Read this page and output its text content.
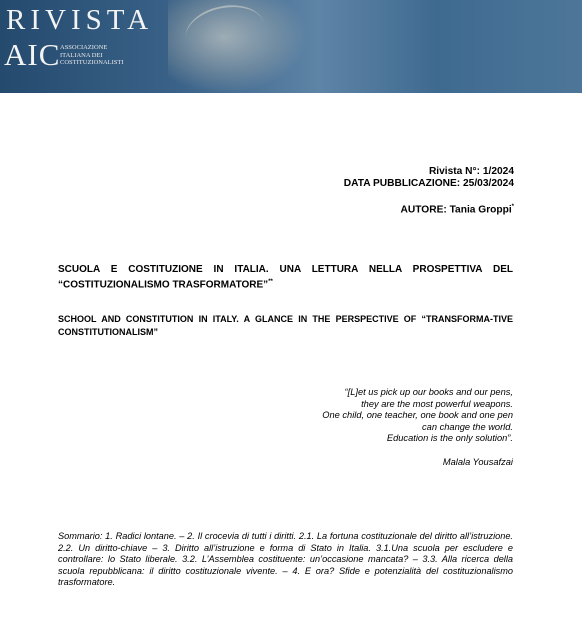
RIVISTA
AIC ASSOCIAZIONE
ITALIANA DEI
COSTITUZIONALISTI
Rivista N°: 1/2024
DATA PUBBLICAZIONE: 25/03/2024
AUTORE: Tania Groppi*
SCUOLA E COSTITUZIONE IN ITALIA. UNA LETTURA NELLA PROSPETTIVA DEL “COSTITUZIONALISMO TRASFORMATORE”**
SCHOOL AND CONSTITUTION IN ITALY. A GLANCE IN THE PERSPECTIVE OF “TRANSFORMA-TIVE CONSTITUTIONALISM”
“[L]et us pick up our books and our pens,
they are the most powerful weapons.
One child, one teacher, one book and one pen
can change the world.
Education is the only solution”.
Malala Yousafzai
Sommario: 1. Radici lontane. – 2. Il crocevia di tutti i diritti. 2.1. La fortuna costituzionale del diritto all’istruzione. 2.2. Un diritto-chiave – 3. Diritto all’istruzione e forma di Stato in Italia. 3.1.Una scuola per escludere e controllare: lo Stato liberale. 3.2. L’Assemblea costituente: un’occasione mancata? – 3.3. Alla ricerca della scuola repubblicana: il diritto costituzionale vivente. – 4. E ora? Sfide e potenzialità del costituzionalismo trasformatore.
